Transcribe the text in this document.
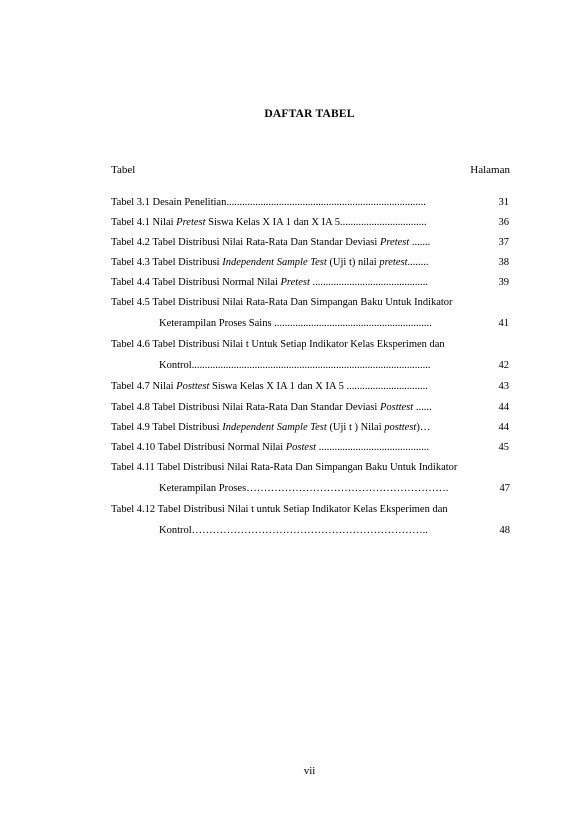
DAFTAR TABEL
Tabel	Halaman
Tabel 3.1 Desain Penelitian............................................................................	31
Tabel 4.1 Nilai Pretest Siswa Kelas X IA 1 dan X IA 5.................................	36
Tabel 4.2 Tabel Distribusi Nilai Rata-Rata Dan Standar Deviasi Pretest .......	37
Tabel 4.3 Tabel Distribusi Independent Sample Test (Uji t) nilai pretest........	38
Tabel 4.4 Tabel Distribusi Normal Nilai Pretest ............................................	39
Tabel 4.5 Tabel Distribusi Nilai Rata-Rata Dan Simpangan Baku Untuk Indikator
Keterampilan Proses Sains ............................................................	41
Tabel 4.6 Tabel Distribusi Nilai t Untuk Setiap Indikator Kelas Eksperimen dan
Kontrol...........................................................................................	42
Tabel 4.7 Nilai Posttest Siswa Kelas X IA 1 dan X IA 5 ...............................	43
Tabel 4.8 Tabel Distribusi Nilai Rata-Rata Dan Standar Deviasi Posttest ......	44
Tabel 4.9 Tabel Distribusi Independent Sample Test (Uji t ) Nilai posttest)…	44
Tabel 4.10 Tabel Distribusi Normal Nilai Postest ..........................................	45
Tabel 4.11 Tabel Distribusi Nilai Rata-Rata Dan Simpangan Baku Untuk Indikator
Keterampilan Proses………………………………………………….	47
Tabel 4.12 Tabel Distribusi Nilai t untuk Setiap Indikator Kelas Eksperimen dan
Kontrol…………………………………………………………..	48
vii
